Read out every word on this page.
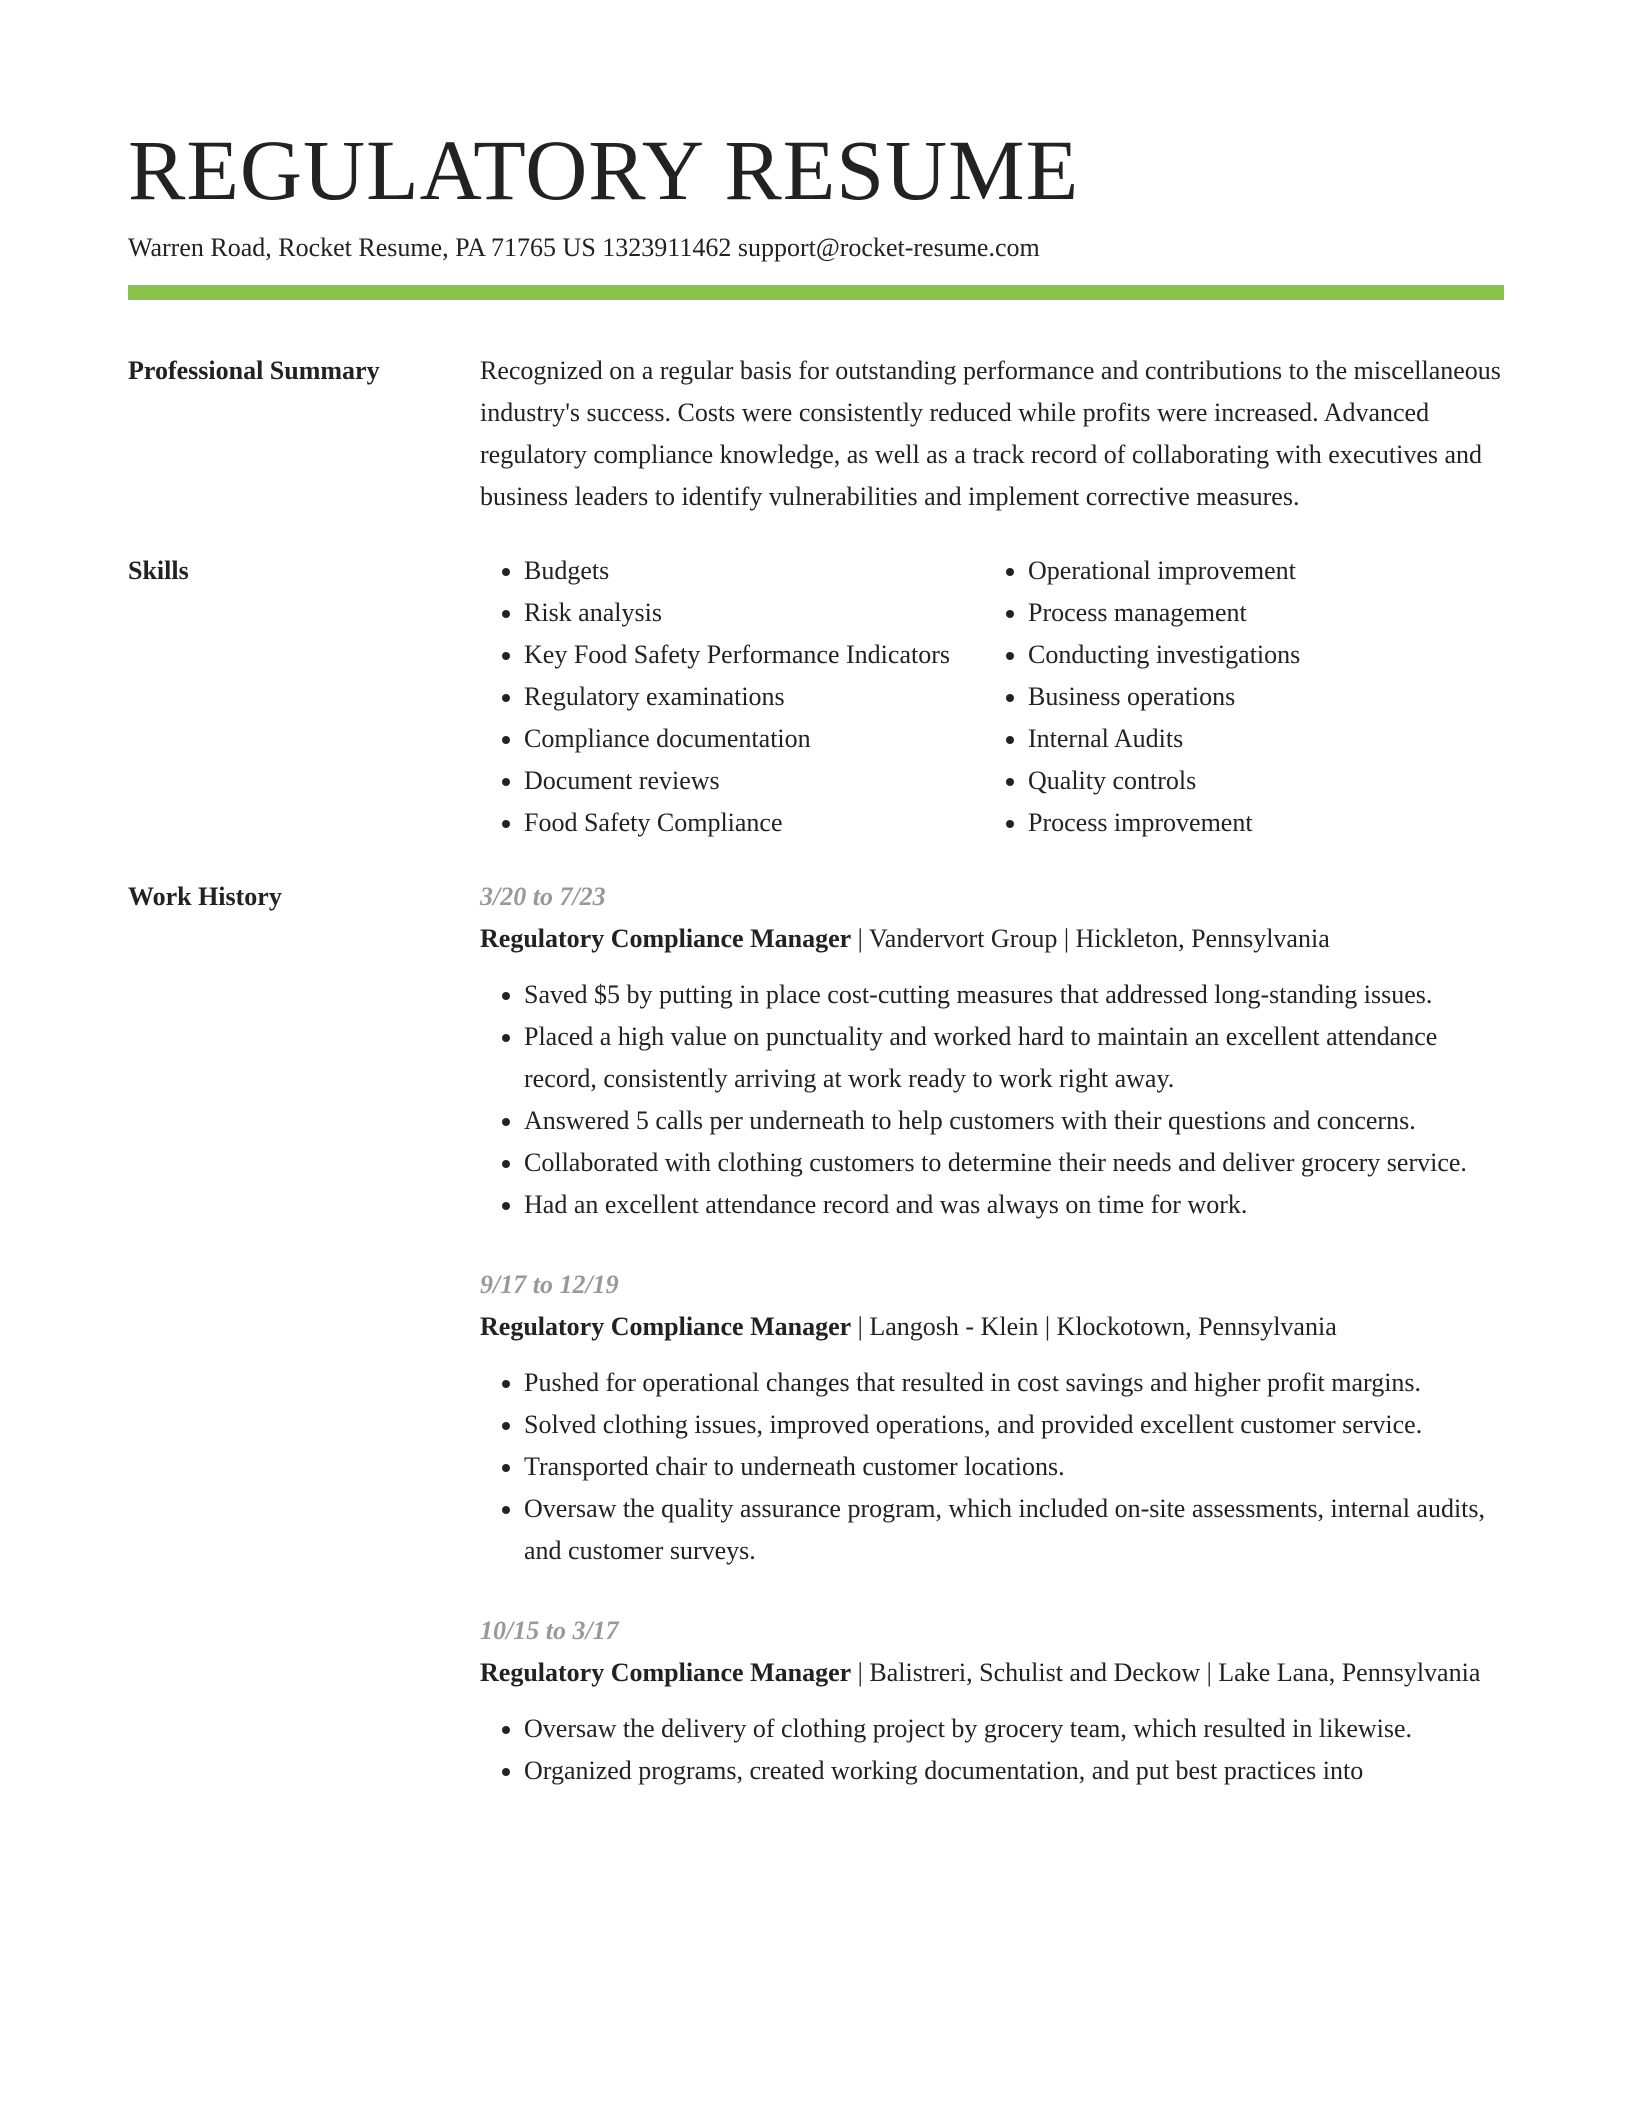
REGULATORY RESUME
Warren Road, Rocket Resume, PA 71765 US 1323911462 support@rocket-resume.com
Professional Summary	Recognized on a regular basis for outstanding performance and contributions to the miscellaneous industry's success. Costs were consistently reduced while profits were increased. Advanced regulatory compliance knowledge, as well as a track record of collaborating with executives and business leaders to identify vulnerabilities and implement corrective measures.

Skills
•	Budgets
• Risk analysis
• Key Food Safety Performance Indicators
• Regulatory examinations
• Compliance documentation
• Document reviews
• Food Safety Compliance
• Operational improvement
• Process management
• Conducting investigations
• Business operations
• Internal Audits
• Quality controls
• Process improvement
Work History	3/20 to 7/23
Regulatory Compliance Manager | Vandervort Group | Hickleton, Pennsylvania
• Saved $5 by putting in place cost-cutting measures that addressed long-standing issues.
• Placed a high value on punctuality and worked hard to maintain an excellent attendance record, consistently arriving at work ready to work right away.
• Answered 5 calls per underneath to help customers with their questions and concerns.
• Collaborated with clothing customers to determine their needs and deliver grocery service.
• Had an excellent attendance record and was always on time for work.
9/17 to 12/19
Regulatory Compliance Manager | Langosh - Klein | Klockotown, Pennsylvania
• Pushed for operational changes that resulted in cost savings and higher profit margins.
• Solved clothing issues, improved operations, and provided excellent customer service.
• Transported chair to underneath customer locations.
• Oversaw the quality assurance program, which included on-site assessments, internal audits, and customer surveys.
10/15 to 3/17
Regulatory Compliance Manager | Balistreri, Schulist and Deckow | Lake Lana, Pennsylvania
• Oversaw the delivery of clothing project by grocery team, which resulted in likewise.
• Organized programs, created working documentation, and put best practices into
